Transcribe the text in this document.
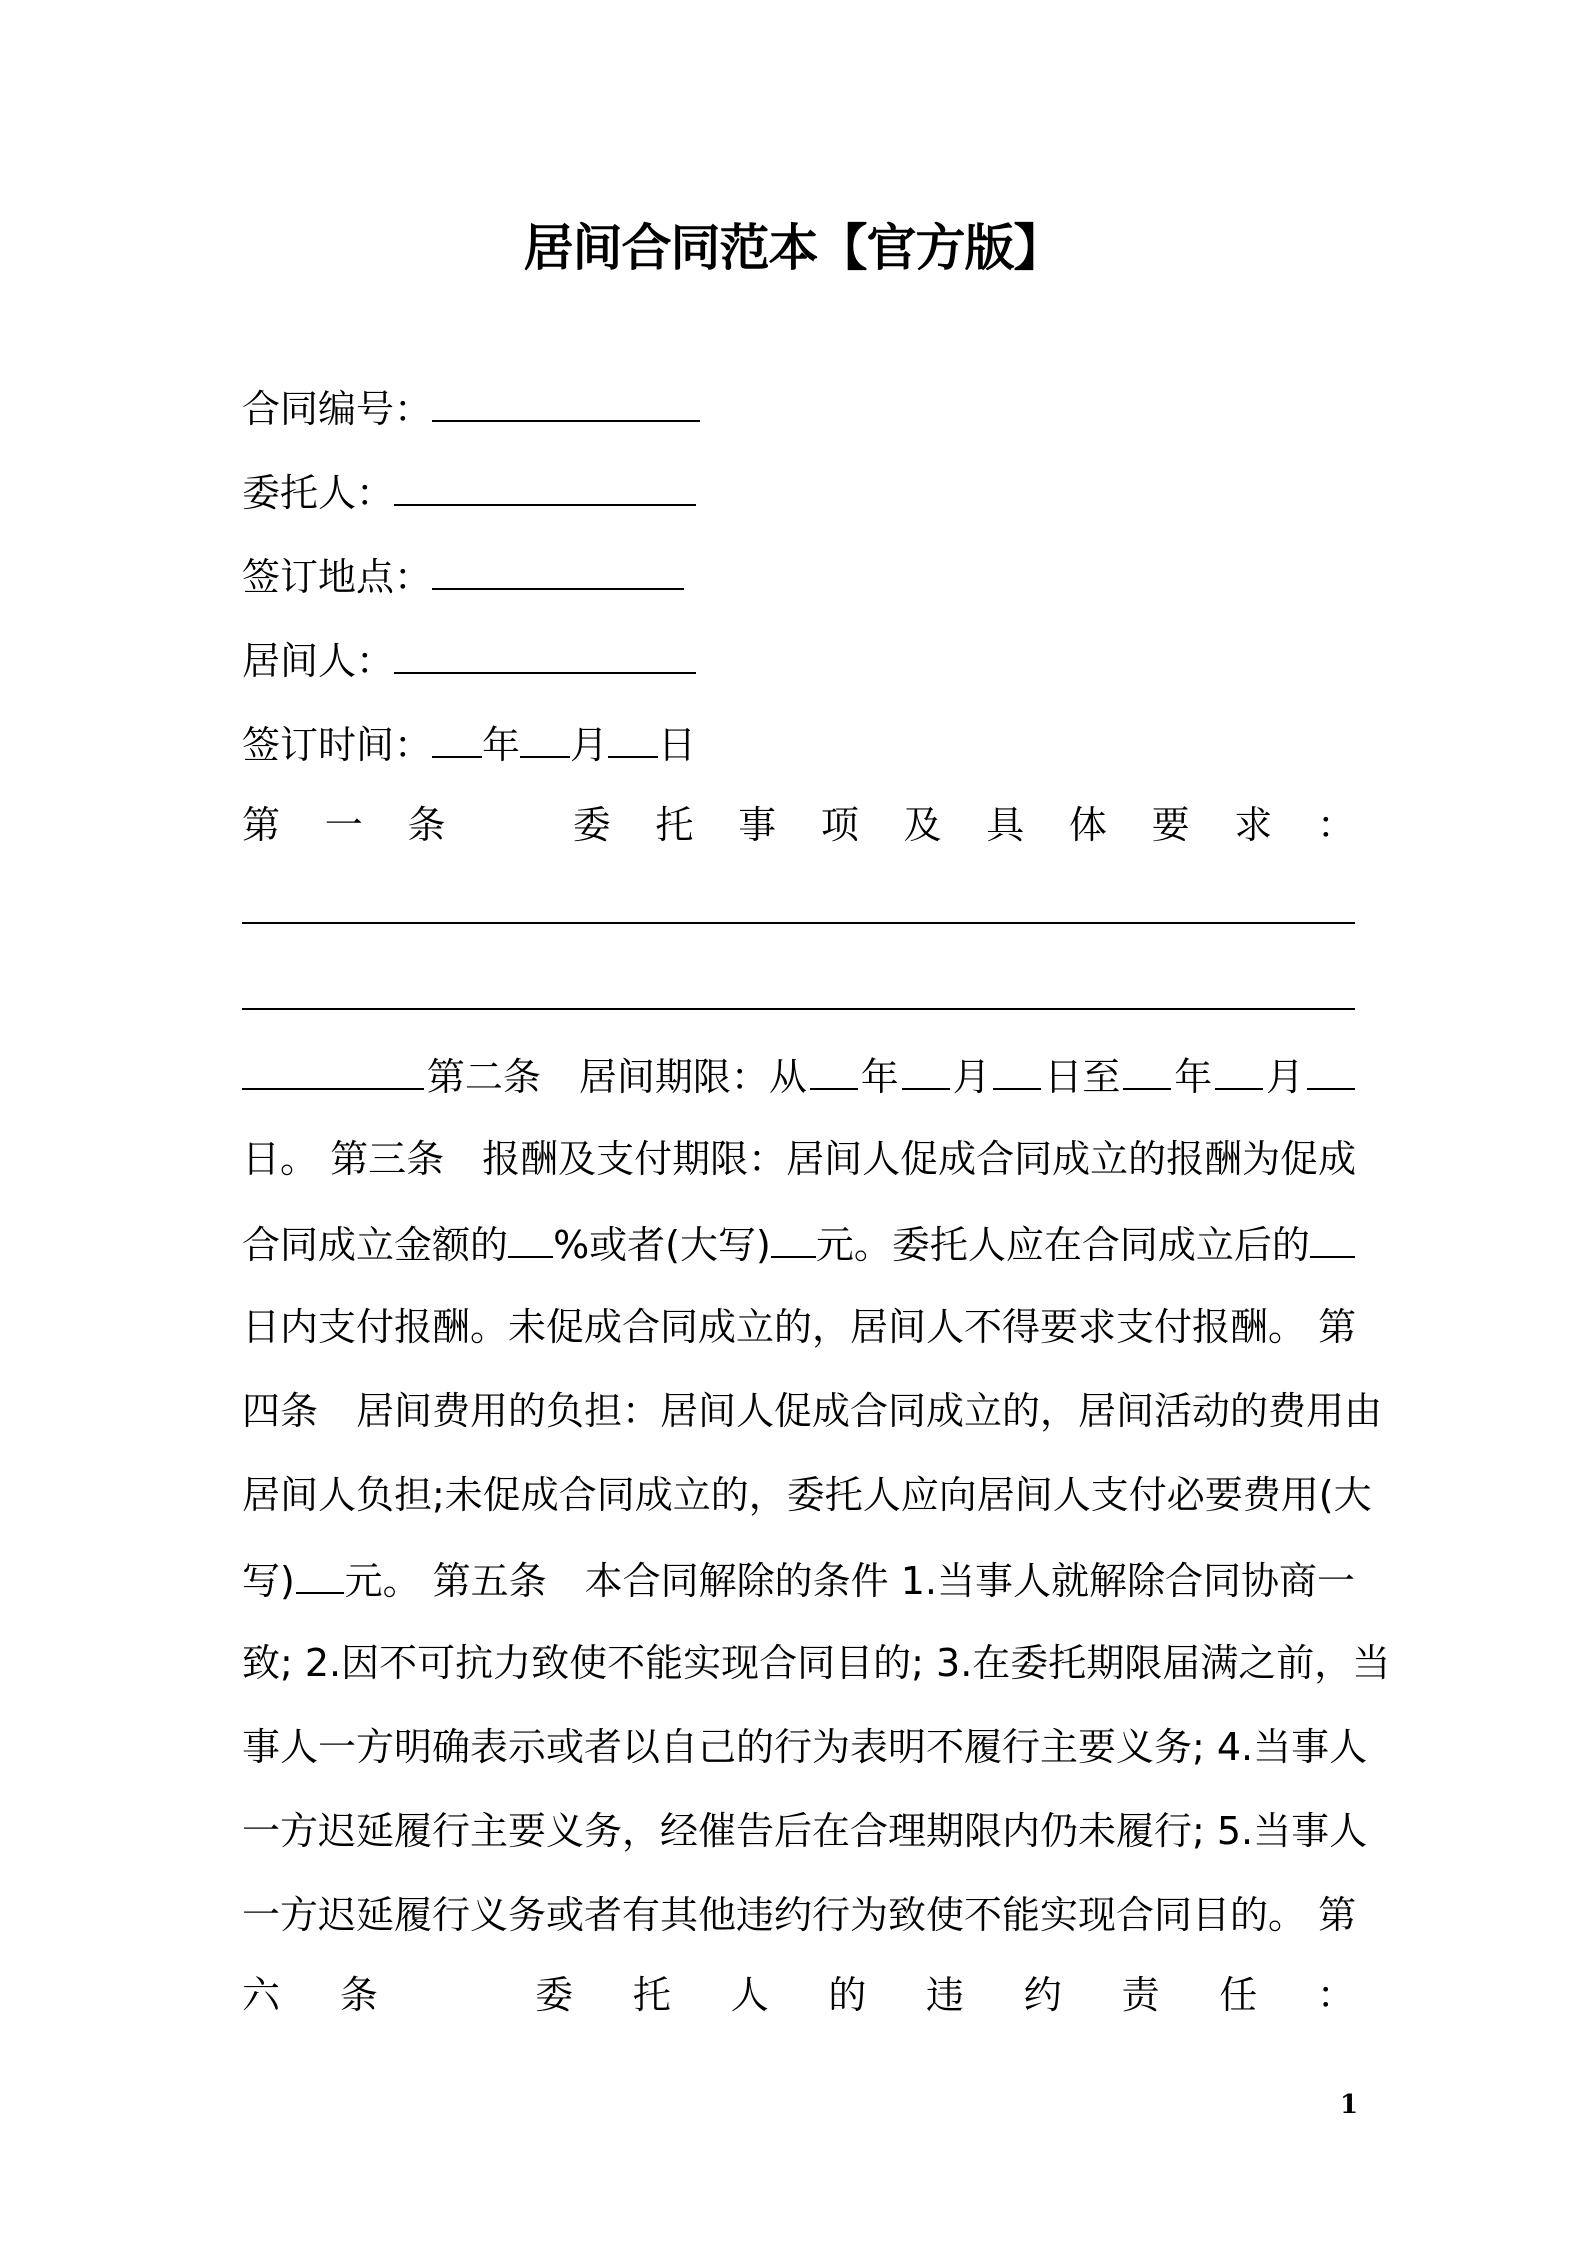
居间合同范本【官方版】
合同编号：
委托人：
签订地点：
居间人：
签订时间： 年 月 日
第 一 条
　	委 托 事 项 及 具 体 要 求 ：
第二条　居间期限：从 年 月 日至 年 月
日。 第三条　报酬及支付期限：居间人促成合同成立的报酬为促成
合同成立金额的 %或者(大写) 元。委托人应在合同成立后的
日内支付报酬。未促成合同成立的，居间人不得要求支付报酬。 第
四条　居间费用的负担：居间人促成合同成立的，居间活动的费用由
居间人负担;未促成合同成立的，委托人应向居间人支付必要费用(大
写) 元。 第五条　本合同解除的条件 1.当事人就解除合同协商一
致; 2.因不可抗力致使不能实现合同目的; 3.在委托期限届满之前，当
事人一方明确表示或者以自己的行为表明不履行主要义务; 4.当事人
一方迟延履行主要义务，经催告后在合理期限内仍未履行; 5.当事人
一方迟延履行义务或者有其他违约行为致使不能实现合同目的。 第
六 条
　	委 托 人 的 违 约 责 任 ：
1
